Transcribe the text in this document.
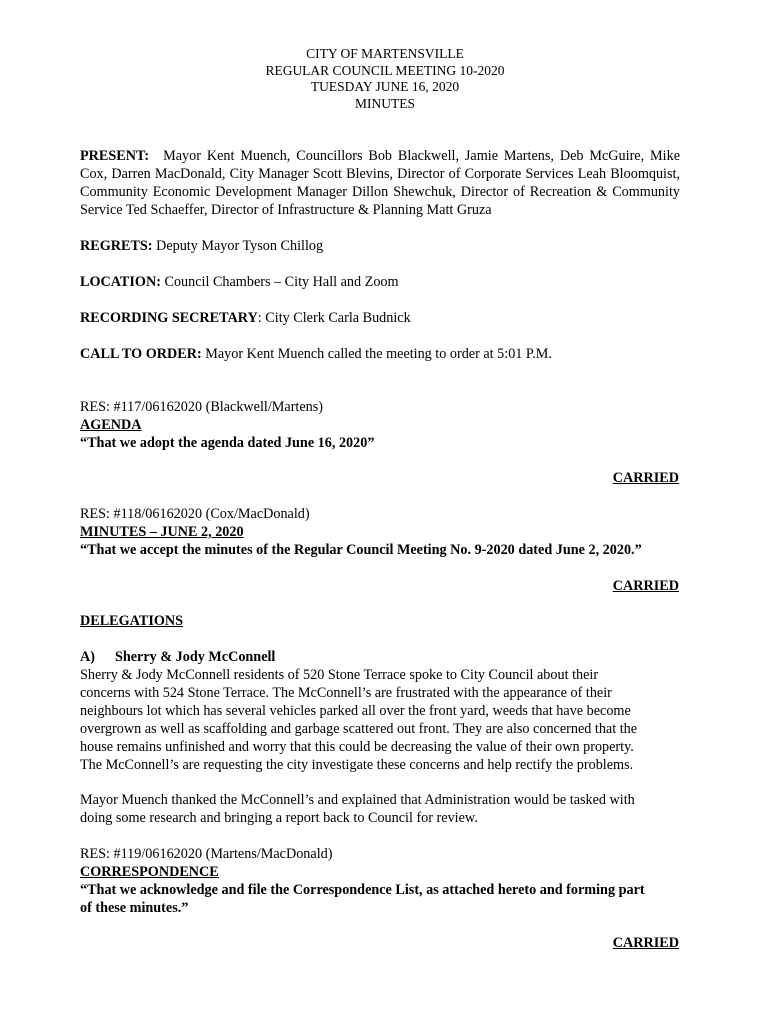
CITY OF MARTENSVILLE
REGULAR COUNCIL MEETING 10-2020
TUESDAY JUNE 16, 2020
MINUTES
PRESENT: Mayor Kent Muench, Councillors Bob Blackwell, Jamie Martens, Deb McGuire, Mike Cox, Darren MacDonald, City Manager Scott Blevins, Director of Corporate Services Leah Bloomquist, Community Economic Development Manager Dillon Shewchuk, Director of Recreation & Community Service Ted Schaeffer, Director of Infrastructure & Planning Matt Gruza
REGRETS: Deputy Mayor Tyson Chillog
LOCATION: Council Chambers – City Hall and Zoom
RECORDING SECRETARY: City Clerk Carla Budnick
CALL TO ORDER: Mayor Kent Muench called the meeting to order at 5:01 P.M.
RES: #117/06162020 (Blackwell/Martens)
AGENDA
“That we adopt the agenda dated June 16, 2020”
CARRIED
RES: #118/06162020 (Cox/MacDonald)
MINUTES – JUNE 2, 2020
“That we accept the minutes of the Regular Council Meeting No. 9-2020 dated June 2, 2020.”
CARRIED
DELEGATIONS
A) Sherry & Jody McConnell
Sherry & Jody McConnell residents of 520 Stone Terrace spoke to City Council about their
concerns with 524 Stone Terrace. The McConnell’s are frustrated with the appearance of their
neighbours lot which has several vehicles parked all over the front yard, weeds that have become
overgrown as well as scaffolding and garbage scattered out front. They are also concerned that the
house remains unfinished and worry that this could be decreasing the value of their own property.
The McConnell’s are requesting the city investigate these concerns and help rectify the problems.
Mayor Muench thanked the McConnell’s and explained that Administration would be tasked with
doing some research and bringing a report back to Council for review.
RES: #119/06162020 (Martens/MacDonald)
CORRESPONDENCE
“That we acknowledge and file the Correspondence List, as attached hereto and forming part
of these minutes.”
CARRIED
